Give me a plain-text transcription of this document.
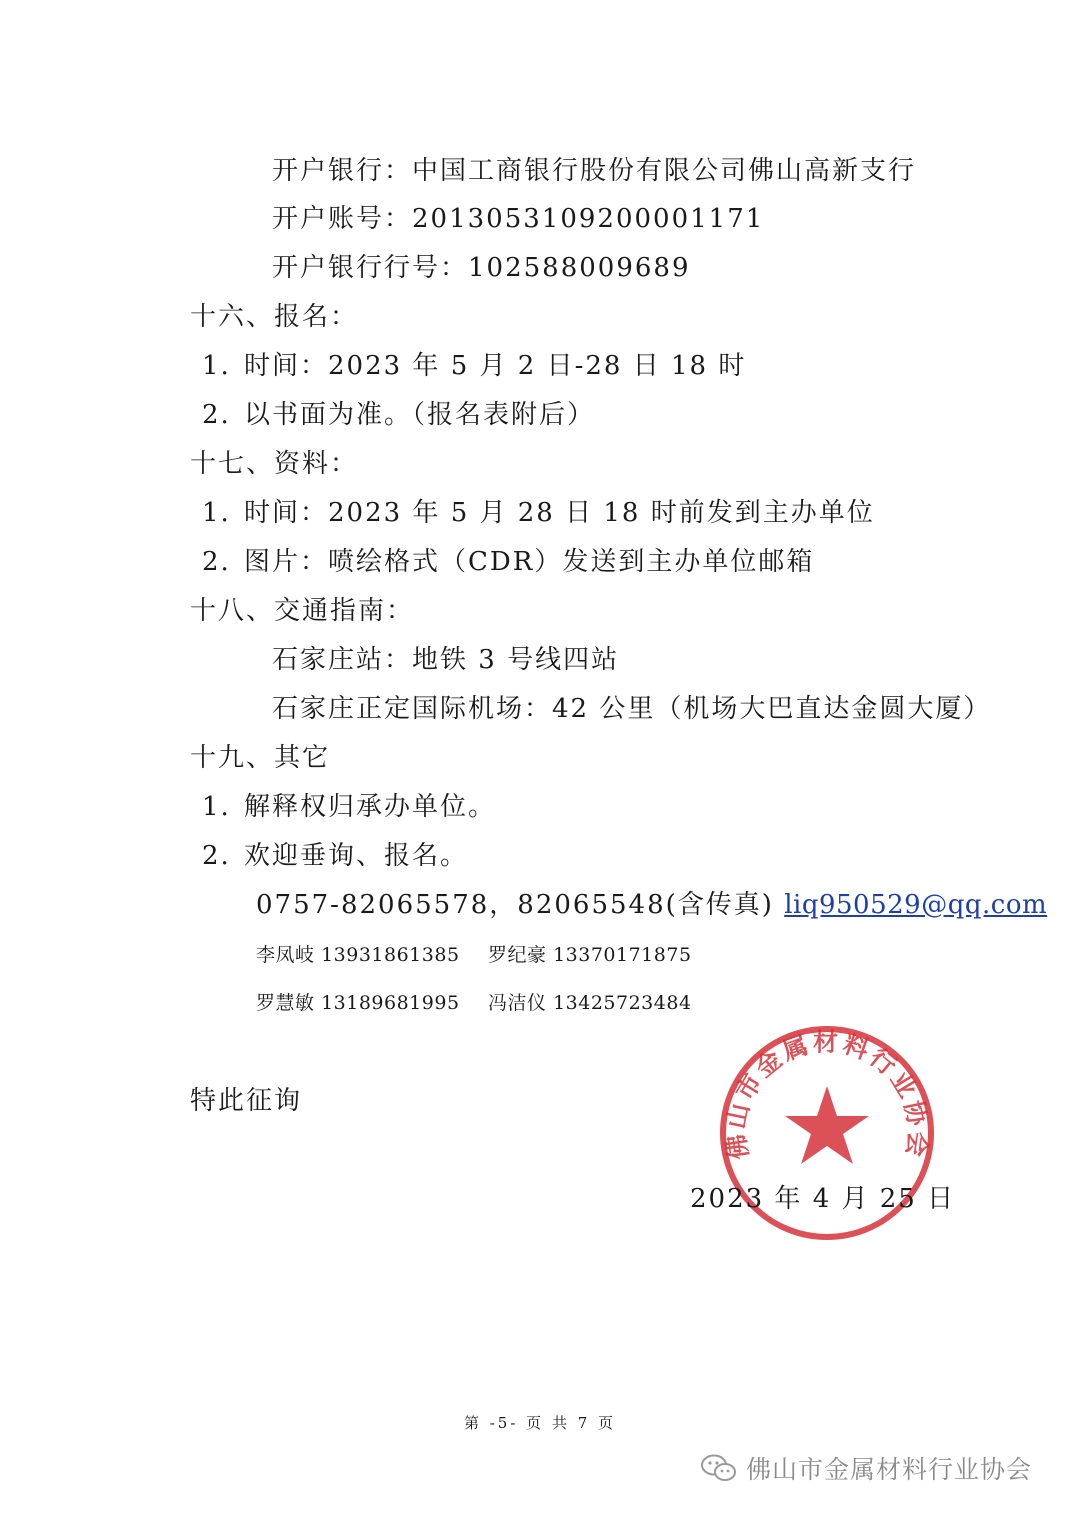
开户银行：中国工商银行股份有限公司佛山高新支行
开户账号：2013053109200001171
开户银行行号：102588009689
十六、报名：
1. 时间：2023 年 5 月 2 日-28 日 18 时
2. 以书面为准。（报名表附后）
十七、资料：
1. 时间：2023 年 5 月 28 日 18 时前发到主办单位
2. 图片：喷绘格式（CDR）发送到主办单位邮箱
十八、交通指南：
石家庄站：地铁 3 号线四站
石家庄正定国际机场：42 公里（机场大巴直达金圆大厦）
十九、其它
1. 解释权归承办单位。
2. 欢迎垂询、报名。
0757-82065578，82065548(含传真) liq950529@qq.com
李凤岐 13931861385 罗纪豪 13370171875
罗慧敏 13189681995 冯洁仪 13425723484
特此征询
佛山市金属材料行业协会
2023 年 4 月 25 日
第 -5- 页 共 7 页
佛山市金属材料行业协会
